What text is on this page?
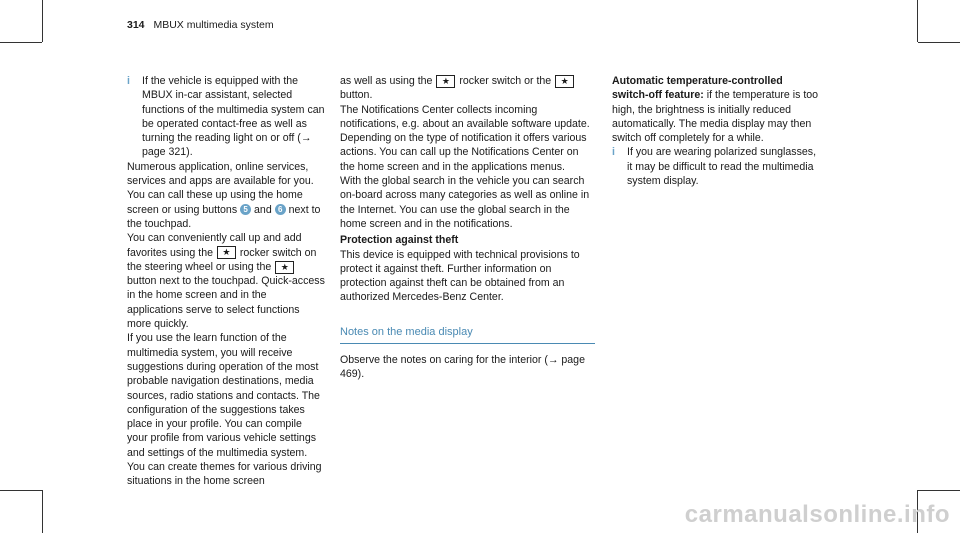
314 MBUX multimedia system

i If the vehicle is equipped with the MBUX in-car assistant, selected functions of the multimedia system can be operated contact-free as well as turning the reading light on or off (→ page 321).

Numerous application, online services, services and apps are available for you. You can call these up using the home screen or using buttons 5 and 6 next to the touchpad.

You can conveniently call up and add favorites using the ★ rocker switch on the steering wheel or using the ★ button next to the touchpad. Quick-access in the home screen and in the applications serve to select functions more quickly.

If you use the learn function of the multimedia system, you will receive suggestions during operation of the most probable navigation destinations, media sources, radio stations and contacts. The configuration of the suggestions takes place in your profile. You can compile your profile from various vehicle settings and settings of the multimedia system. You can create themes for various driving situations in the home screen

as well as using the ★ rocker switch or the ★ button.

The Notifications Center collects incoming notifications, e.g. about an available software update. Depending on the type of notification it offers various actions. You can call up the Notifications Center on the home screen and in the applications menus.

With the global search in the vehicle you can search on-board across many categories as well as online in the Internet. You can use the global search in the home screen and in the notifications.

Protection against theft

This device is equipped with technical provisions to protect it against theft. Further information on protection against theft can be obtained from an authorized Mercedes-Benz Center.

Notes on the media display

Observe the notes on caring for the interior (→ page 469).

Automatic temperature-controlled switch-off feature: if the temperature is too high, the brightness is initially reduced automatically. The media display may then switch off completely for a while.

i If you are wearing polarized sunglasses, it may be difficult to read the multimedia system display.

carmanualsonline.info
